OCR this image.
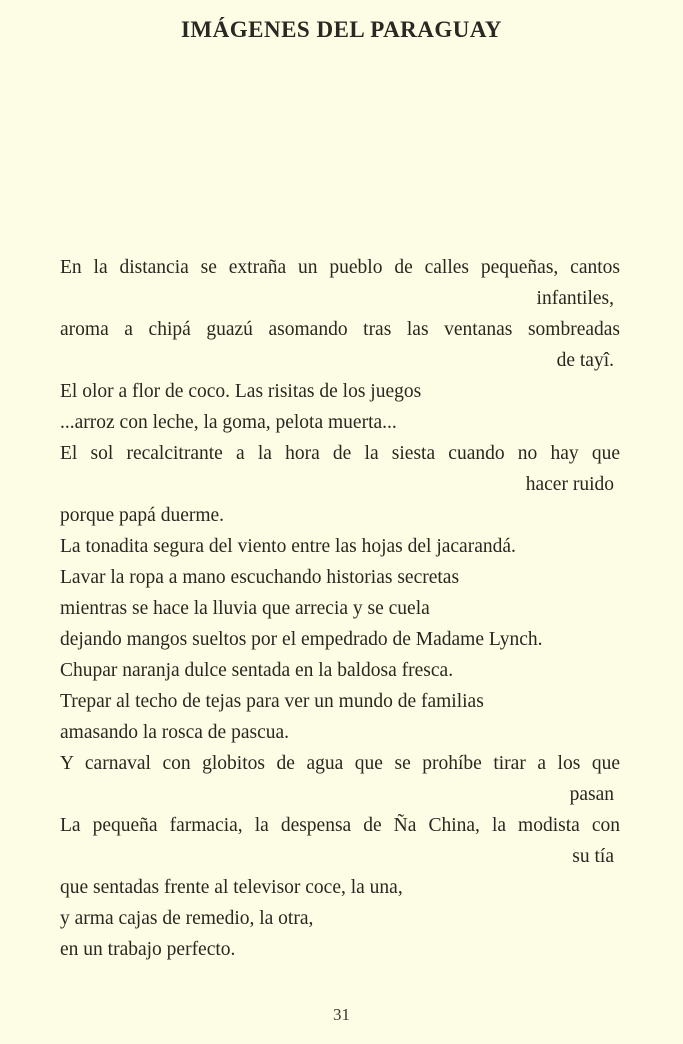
IMÁGENES DEL PARAGUAY
En la distancia se extraña un pueblo de calles pequeñas, cantos
infantiles,
aroma a chipá guazú asomando tras las ventanas sombreadas
de tayî.
El olor a flor de coco. Las risitas de los juegos
...arroz con leche, la goma, pelota muerta...
El sol recalcitrante a la hora de la siesta cuando no hay que
hacer ruido
porque papá duerme.
La tonadita segura del viento entre las hojas del jacarandá.
Lavar la ropa a mano escuchando historias secretas
mientras se hace la lluvia que arrecia y se cuela
dejando mangos sueltos por el empedrado de Madame Lynch.
Chupar naranja dulce sentada en la baldosa fresca.
Trepar al techo de tejas para ver un mundo de familias
amasando la rosca de pascua.
Y carnaval con globitos de agua que se prohíbe tirar a los que
pasan
La pequeña farmacia, la despensa de Ña China, la modista con
su tía
que sentadas frente al televisor coce, la una,
y arma cajas de remedio, la otra,
en un trabajo perfecto.
31
